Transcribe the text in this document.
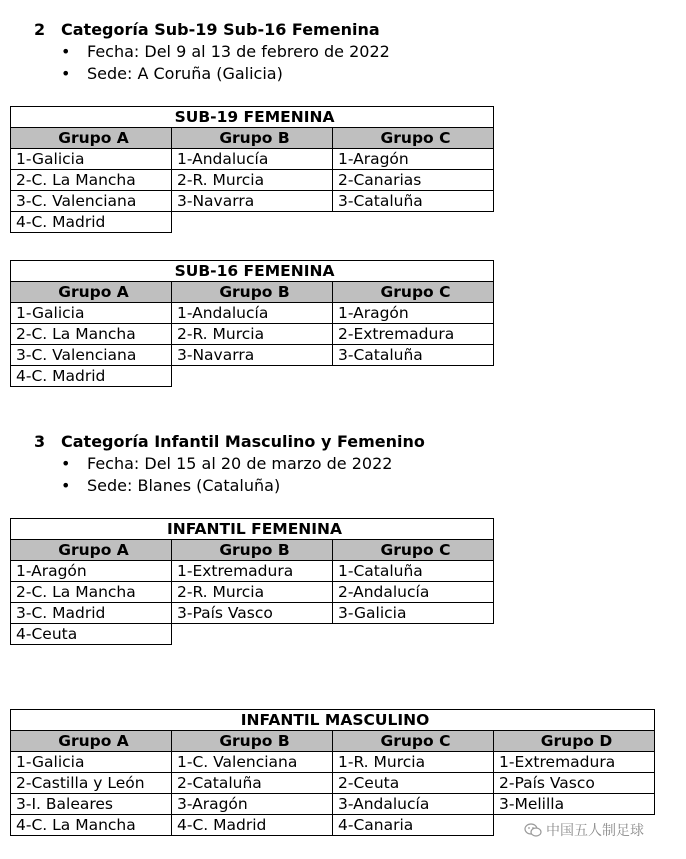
2 Categoría Sub-19 Sub-16 Femenina
• Fecha: Del 9 al 13 de febrero de 2022
• Sede: A Coruña (Galicia)
SUB-19 FEMENINA		
Grupo A	Grupo B	Grupo C
1-Galicia	1-Andalucía	1-Aragón
2-C. La Mancha	2-R. Murcia	2-Canarias
3-C. Valenciana	3-Navarra	3-Cataluña
4-C. Madrid		
SUB-16 FEMENINA		
Grupo A	Grupo B	Grupo C
1-Galicia	1-Andalucía	1-Aragón
2-C. La Mancha	2-R. Murcia	2-Extremadura
3-C. Valenciana	3-Navarra	3-Cataluña
4-C. Madrid		
3 Categoría Infantil Masculino y Femenino
• Fecha: Del 15 al 20 de marzo de 2022
• Sede: Blanes (Cataluña)
INFANTIL FEMENINA		
Grupo A	Grupo B	Grupo C
1-Aragón	1-Extremadura	1-Cataluña
2-C. La Mancha	2-R. Murcia	2-Andalucía
3-C. Madrid	3-País Vasco	3-Galicia
4-Ceuta		
INFANTIL MASCULINO			
Grupo A	Grupo B	Grupo C	Grupo D
1-Galicia	1-C. Valenciana	1-R. Murcia	1-Extremadura
2-Castilla y León	2-Cataluña	2-Ceuta	2-País Vasco
3-I. Baleares	3-Aragón	3-Andalucía	3-Melilla
4-C. La Mancha	4-C. Madrid	4-Canaria		中国五人制足球
